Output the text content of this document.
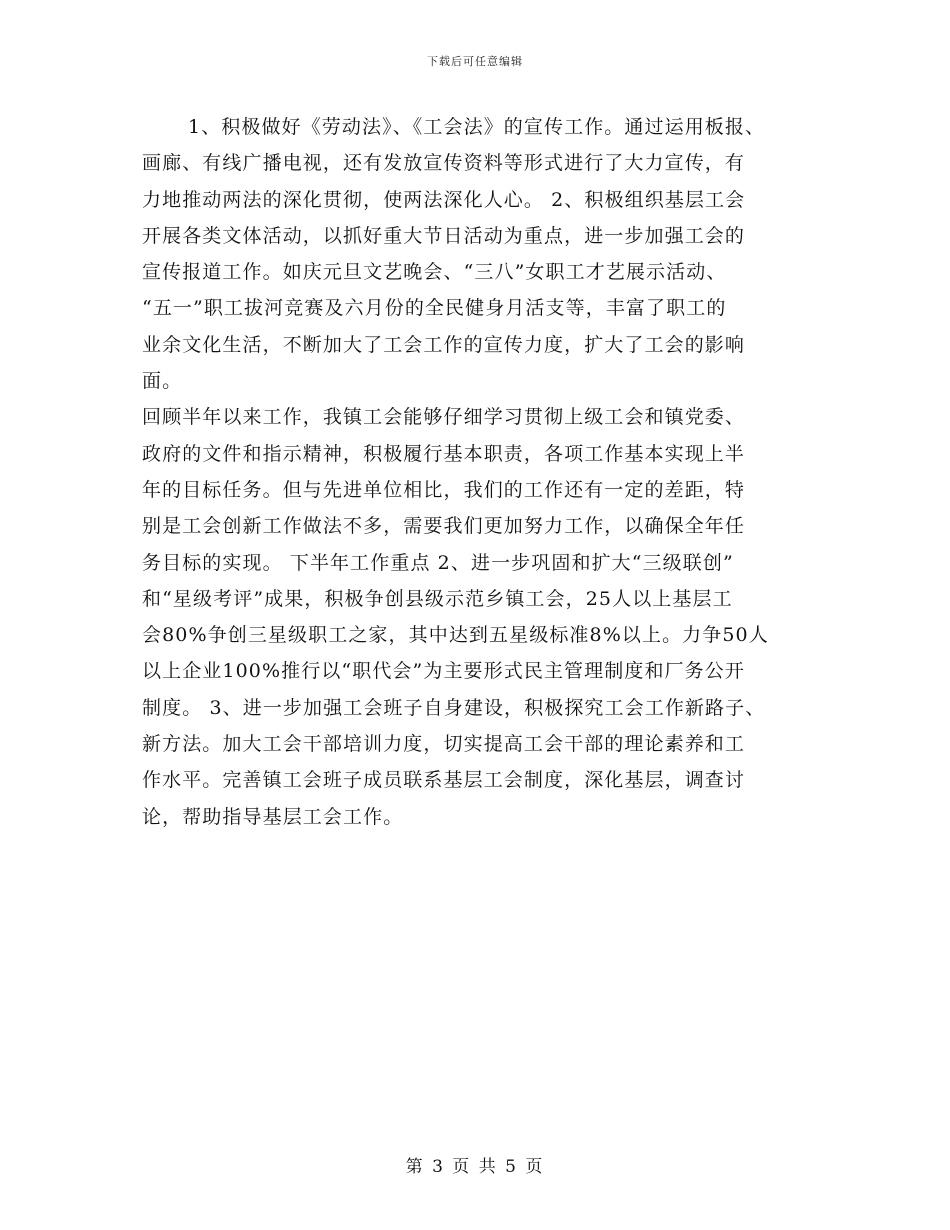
下载后可任意编辑
1、积极做好《劳动法》、《工会法》的宣传工作。通过运用板报、
画廊、有线广播电视，还有发放宣传资料等形式进行了大力宣传，有
力地推动两法的深化贯彻，使两法深化人心。 2、积极组织基层工会
开展各类文体活动，以抓好重大节日活动为重点，进一步加强工会的
宣传报道工作。如庆元旦文艺晚会、“三八”女职工才艺展示活动、
“五一”职工拔河竞赛及六月份的全民健身月活支等，丰富了职工的
业余文化生活，不断加大了工会工作的宣传力度，扩大了工会的影响
面。
回顾半年以来工作，我镇工会能够仔细学习贯彻上级工会和镇党委、
政府的文件和指示精神，积极履行基本职责，各项工作基本实现上半
年的目标任务。但与先进单位相比，我们的工作还有一定的差距，特
别是工会创新工作做法不多，需要我们更加努力工作，以确保全年任
务目标的实现。 下半年工作重点 2、进一步巩固和扩大“三级联创”
和“星级考评”成果，积极争创县级示范乡镇工会，25人以上基层工
会80%争创三星级职工之家，其中达到五星级标准8%以上。力争50人
以上企业100%推行以“职代会”为主要形式民主管理制度和厂务公开
制度。 3、进一步加强工会班子自身建设，积极探究工会工作新路子、
新方法。加大工会干部培训力度，切实提高工会干部的理论素养和工
作水平。完善镇工会班子成员联系基层工会制度，深化基层，调查讨
论，帮助指导基层工会工作。
第 3 页 共 5 页
